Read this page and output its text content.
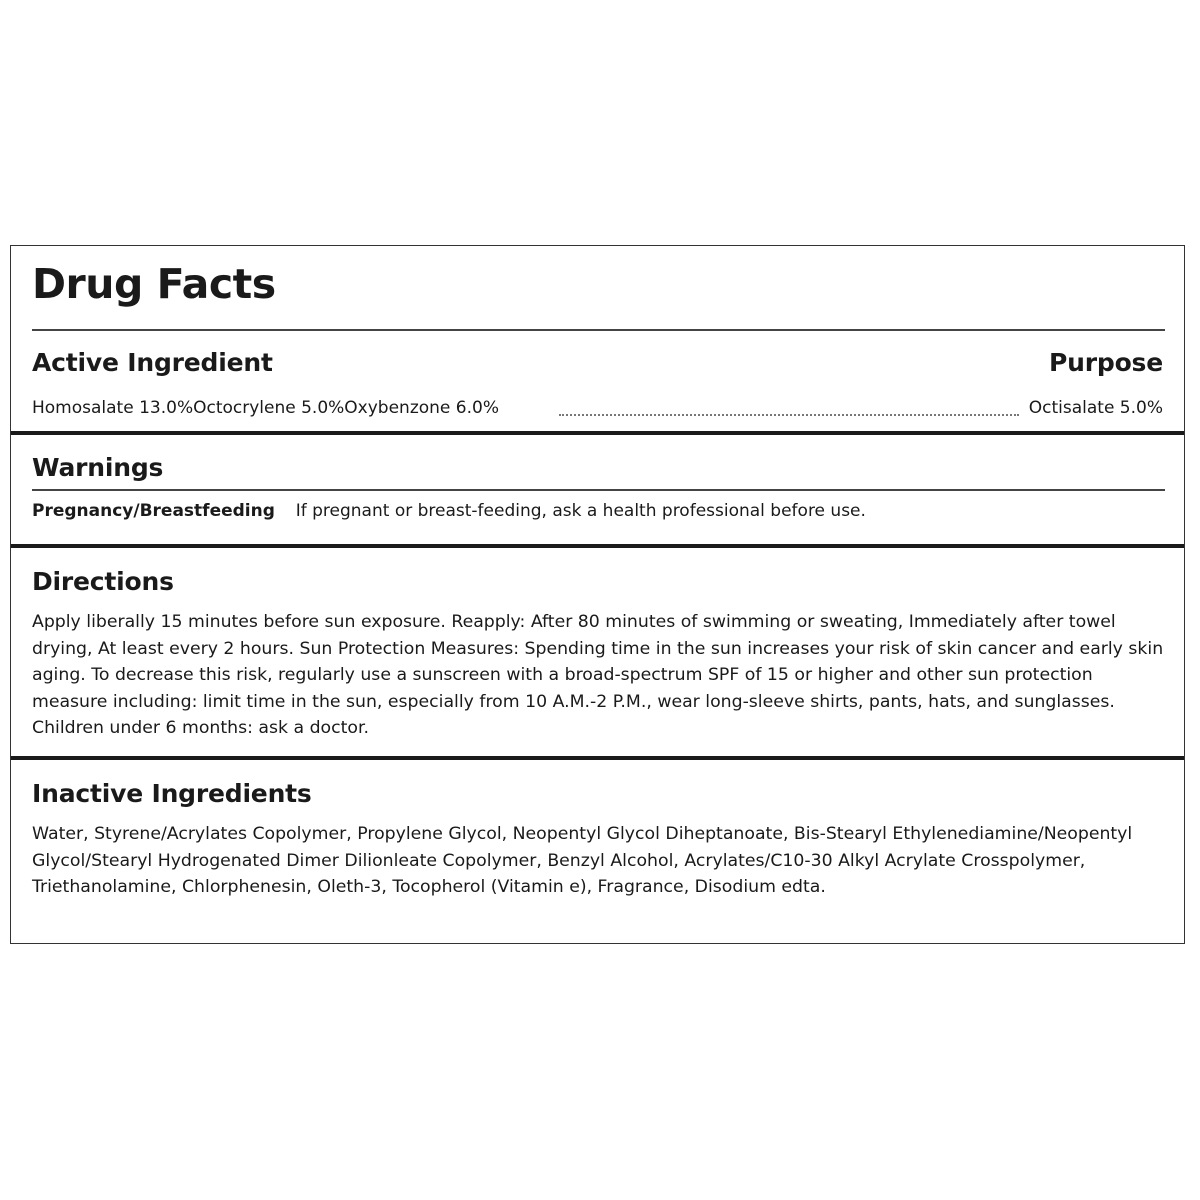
Drug Facts
Active Ingredient	Purpose
Homosalate 13.0%Octocrylene 5.0%Oxybenzone 6.0%	Octisalate 5.0%
Warnings
Pregnancy/Breastfeeding If pregnant or breast-feeding, ask a health professional before use.
Directions

Apply liberally 15 minutes before sun exposure. Reapply: After 80 minutes of swimming or sweating, Immediately after towel drying, At least every 2 hours. Sun Protection Measures: Spending time in the sun increases your risk of skin cancer and early skin aging. To decrease this risk, regularly use a sunscreen with a broad-spectrum SPF of 15 or higher and other sun protection measure including: limit time in the sun, especially from 10 A.M.-2 P.M., wear long-sleeve shirts, pants, hats, and sunglasses. Children under 6 months: ask a doctor.

Inactive Ingredients

Water, Styrene/Acrylates Copolymer, Propylene Glycol, Neopentyl Glycol Diheptanoate, Bis-Stearyl Ethylenediamine/Neopentyl Glycol/Stearyl Hydrogenated Dimer Dilionleate Copolymer, Benzyl Alcohol, Acrylates/C10-30 Alkyl Acrylate Crosspolymer, Triethanolamine, Chlorphenesin, Oleth-3, Tocopherol (Vitamin e), Fragrance, Disodium edta.
